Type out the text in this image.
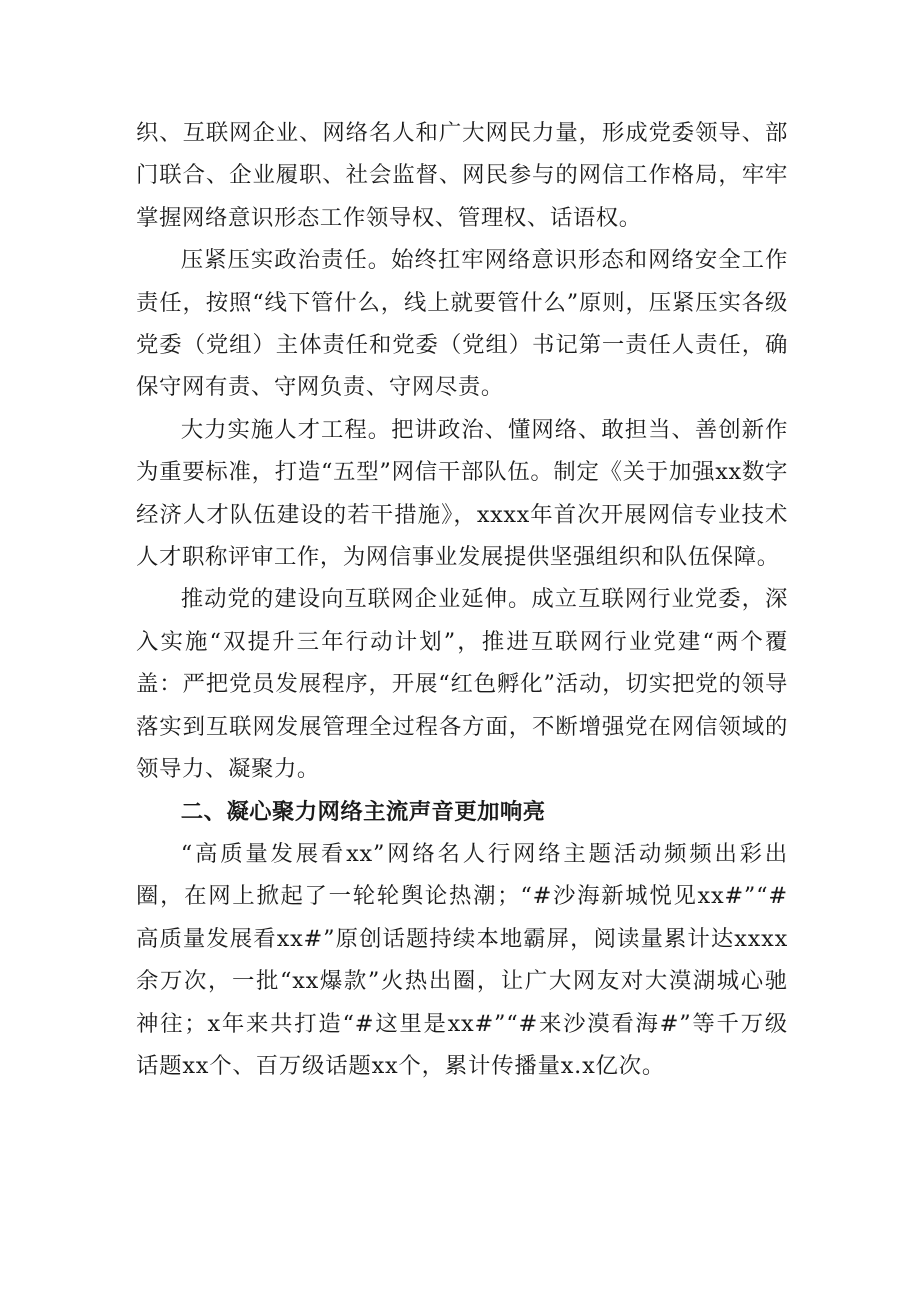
织、互联网企业、网络名人和广大网民力量，形成党委领导、部门联合、企业履职、社会监督、网民参与的网信工作格局，牢牢掌握网络意识形态工作领导权、管理权、话语权。

压紧压实政治责任。始终扛牢网络意识形态和网络安全工作责任，按照“线下管什么，线上就要管什么”原则，压紧压实各级党委（党组）主体责任和党委（党组）书记第一责任人责任，确保守网有责、守网负责、守网尽责。

大力实施人才工程。把讲政治、懂网络、敢担当、善创新作为重要标准，打造“五型”网信干部队伍。制定《关于加强xx数字经济人才队伍建设的若干措施》，xxxx年首次开展网信专业技术人才职称评审工作，为网信事业发展提供坚强组织和队伍保障。

推动党的建设向互联网企业延伸。成立互联网行业党委，深入实施“双提升三年行动计划”，推进互联网行业党建“两个覆盖：严把党员发展程序，开展“红色孵化”活动，切实把党的领导落实到互联网发展管理全过程各方面，不断增强党在网信领域的领导力、凝聚力。

二、凝心聚力网络主流声音更加响亮

“高质量发展看xx”网络名人行网络主题活动频频出彩出圈，在网上掀起了一轮轮舆论热潮；“#沙海新城悦见xx#”“#高质量发展看xx#”原创话题持续本地霸屏，阅读量累计达xxxx余万次，一批“xx爆款”火热出圈，让广大网友对大漠湖城心驰神往；x年来共打造“#这里是xx#”“#来沙漠看海#”等千万级话题xx个、百万级话题xx个，累计传播量x.x亿次。
